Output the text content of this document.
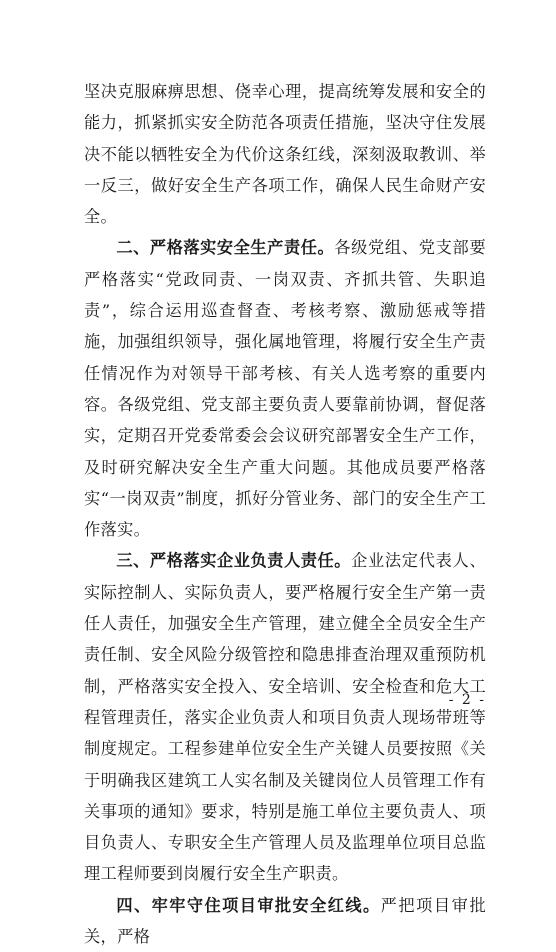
坚决克服麻痹思想、侥幸心理，提高统筹发展和安全的能力，抓紧抓实安全防范各项责任措施，坚决守住发展决不能以牺牲安全为代价这条红线，深刻汲取教训、举一反三，做好安全生产各项工作，确保人民生命财产安全。

二、严格落实安全生产责任。各级党组、党支部要严格落实“党政同责、一岗双责、齐抓共管、失职追责”，综合运用巡查督查、考核考察、激励惩戒等措施，加强组织领导，强化属地管理，将履行安全生产责任情况作为对领导干部考核、有关人选考察的重要内容。各级党组、党支部主要负责人要靠前协调，督促落实，定期召开党委常委会会议研究部署安全生产工作，及时研究解决安全生产重大问题。其他成员要严格落实“一岗双责”制度，抓好分管业务、部门的安全生产工作落实。

三、严格落实企业负责人责任。企业法定代表人、实际控制人、实际负责人，要严格履行安全生产第一责任人责任，加强安全生产管理，建立健全全员安全生产责任制、安全风险分级管控和隐患排查治理双重预防机制，严格落实安全投入、安全培训、安全检查和危大工程管理责任，落实企业负责人和项目负责人现场带班等制度规定。工程参建单位安全生产关键人员要按照《关于明确我区建筑工人实名制及关键岗位人员管理工作有关事项的通知》要求，特别是施工单位主要负责人、项目负责人、专职安全生产管理人员及监理单位项目总监理工程师要到岗履行安全生产职责。

四、牢牢守住项目审批安全红线。严把项目审批关，严格

- 2 -
